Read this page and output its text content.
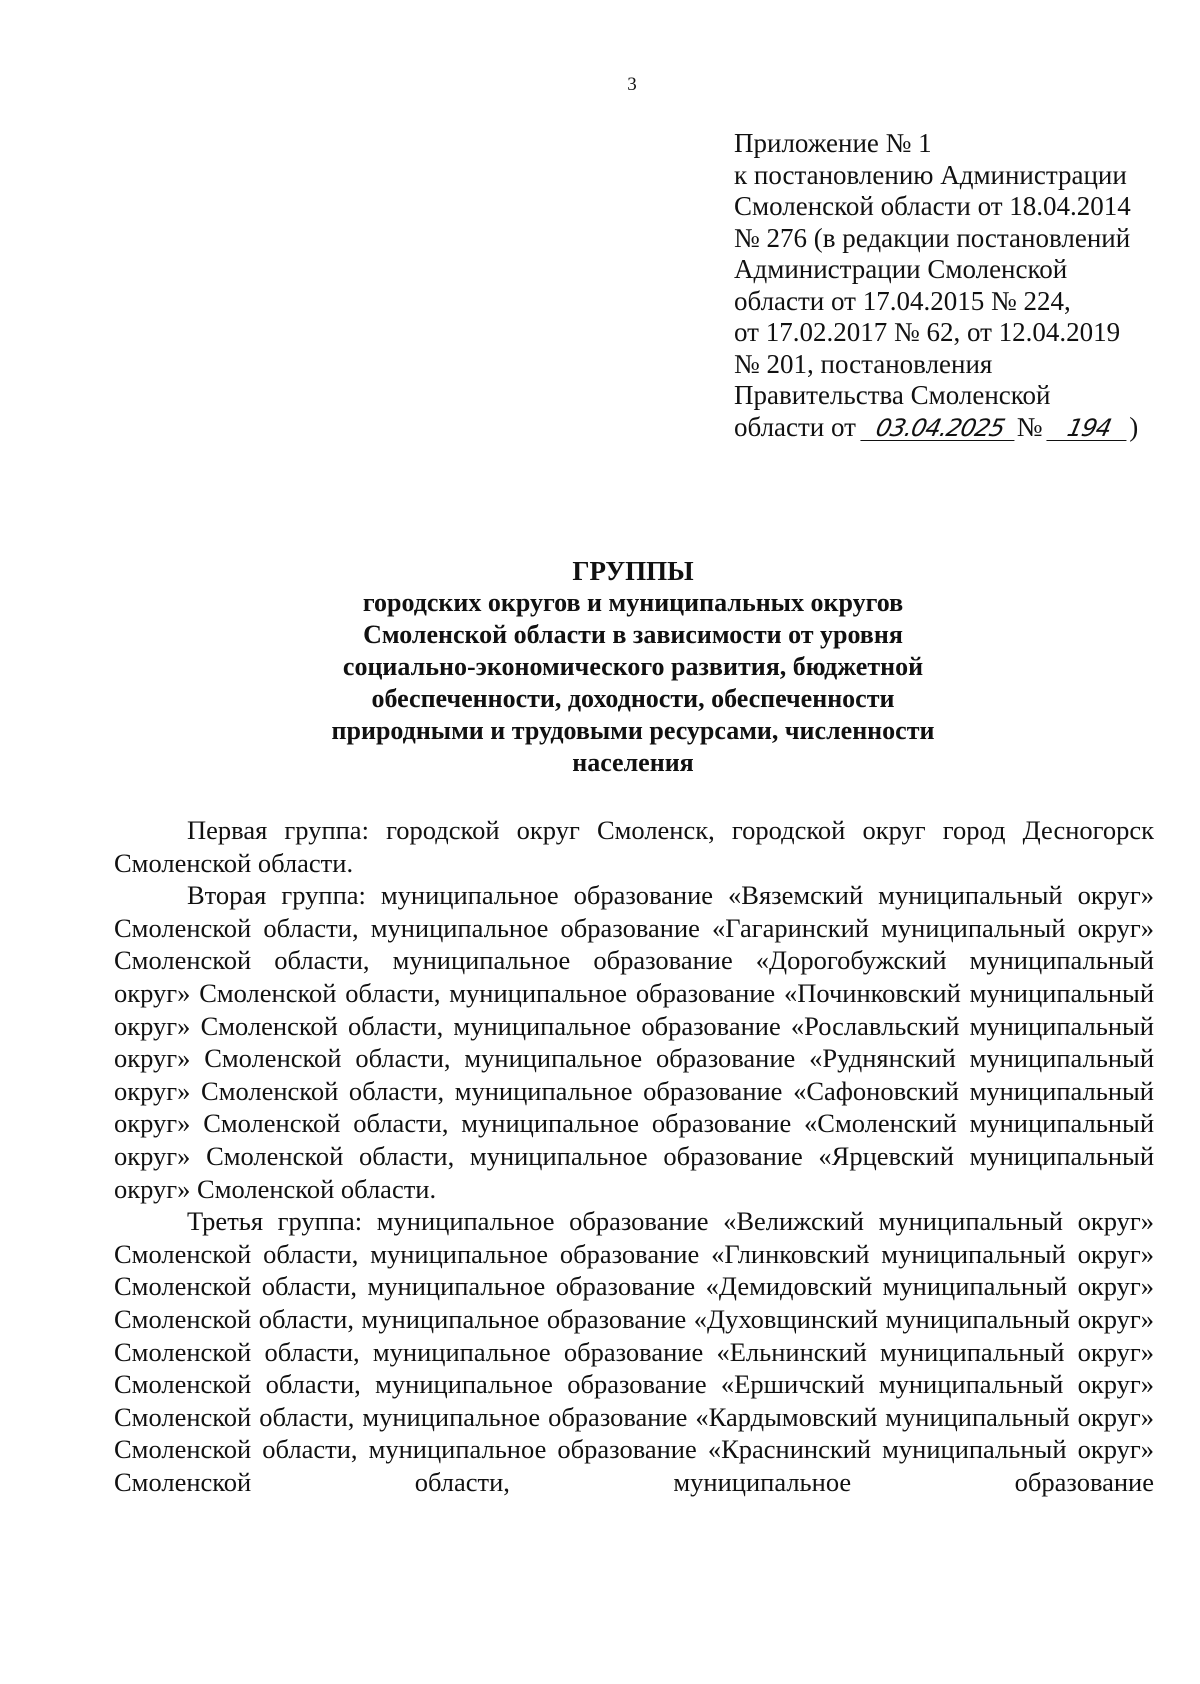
3
Приложение № 1
к постановлению Администрации
Смоленской области от 18.04.2014
№ 276 (в редакции постановлений
Администрации Смоленской
области от 17.04.2015 № 224,
от 17.02.2017 № 62, от 12.04.2019
№ 201, постановления
Правительства Смоленской
области от 03.04.2025 № 194 )
ГРУППЫ
городских округов и муниципальных округов
Смоленской области в зависимости от уровня
социально-экономического развития, бюджетной
обеспеченности, доходности, обеспеченности
природными и трудовыми ресурсами, численности
населения

Первая группа: городской округ Смоленск, городской округ город Десногорск Смоленской области.

Вторая группа: муниципальное образование «Вяземский муниципальный округ» Смоленской области, муниципальное образование «Гагаринский муниципальный округ» Смоленской области, муниципальное образование «Дорогобужский муниципальный округ» Смоленской области, муниципальное образование «Починковский муниципальный округ» Смоленской области, муниципальное образование «Рославльский муниципальный округ» Смоленской области, муниципальное образование «Руднянский муниципальный округ» Смоленской области, муниципальное образование «Сафоновский муниципальный округ» Смоленской области, муниципальное образование «Смоленский муниципальный округ» Смоленской области, муниципальное образование «Ярцевский муниципальный округ» Смоленской области.

Третья группа: муниципальное образование «Велижский муниципальный округ» Смоленской области, муниципальное образование «Глинковский муниципальный округ» Смоленской области, муниципальное образование «Демидовский муниципальный округ» Смоленской области, муниципальное образование «Духовщинский муниципальный округ» Смоленской области, муниципальное образование «Ельнинский муниципальный округ» Смоленской области, муниципальное образование «Ершичский муниципальный округ» Смоленской области, муниципальное образование «Кардымовский муниципальный округ» Смоленской области, муниципальное образование «Краснинский муниципальный округ» Смоленской области, муниципальное образование
